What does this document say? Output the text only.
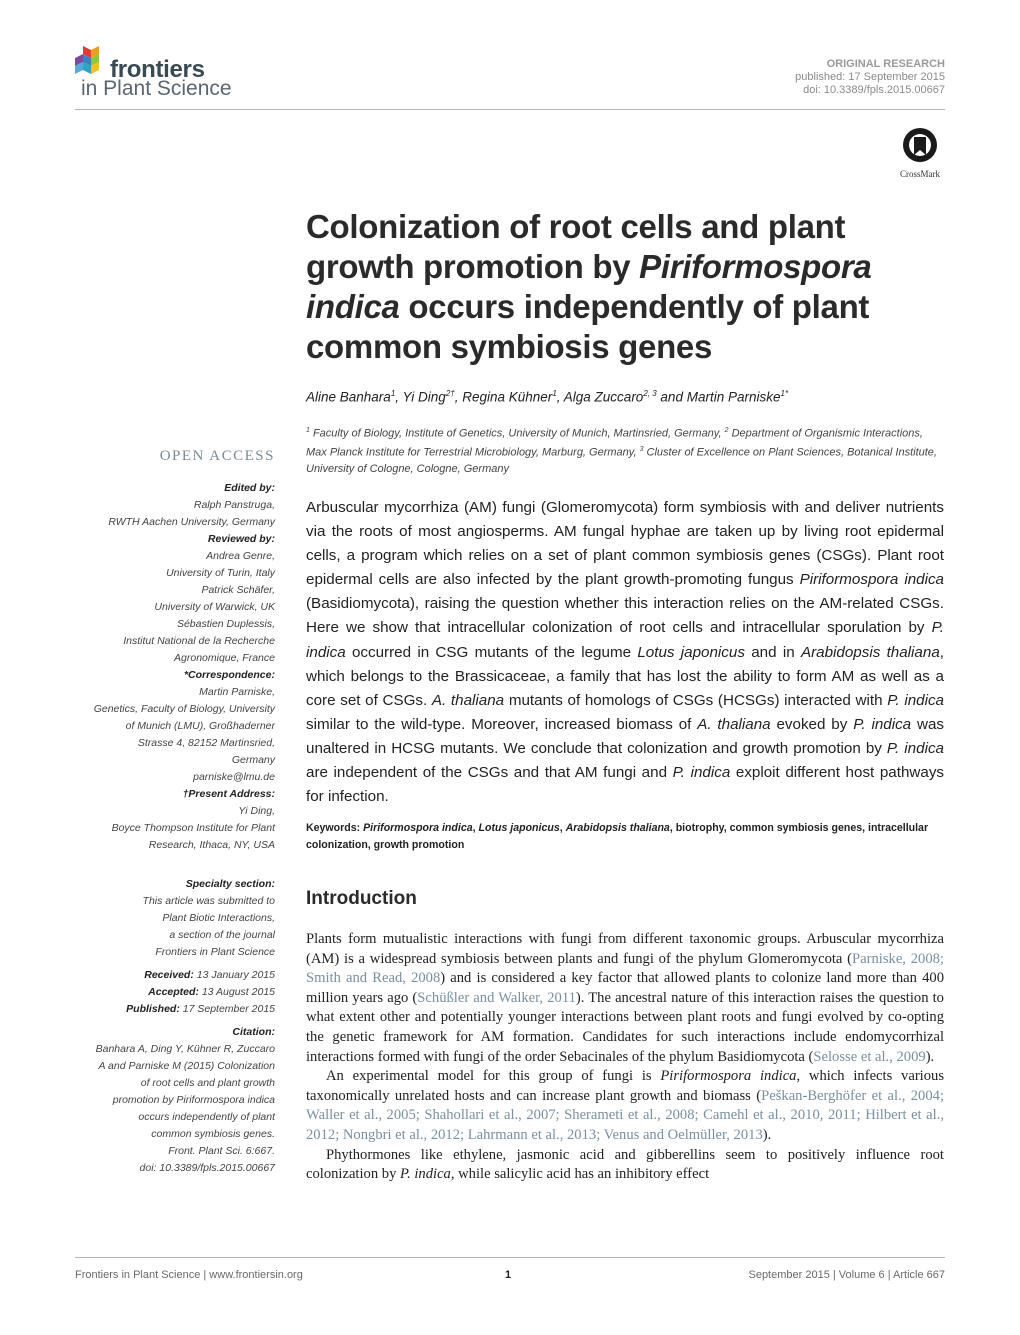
frontiers
in Plant Science
ORIGINAL RESEARCH
published: 17 September 2015
doi: 10.3389/fpls.2015.00667
CrossMark
Colonization of root cells and plant growth promotion by Piriformospora indica occurs independently of plant common symbiosis genes
Aline Banhara$^1$, Yi Ding$^{2\dagger}$, Regina Kühner$^1$, Alga Zuccaro$^{2, 3}$ and Martin Parniske$^{1*}$
$^1$ Faculty of Biology, Institute of Genetics, University of Munich, Martinsried, Germany, $^2$ Department of Organismic Interactions, Max Planck Institute for Terrestrial Microbiology, Marburg, Germany, $^3$ Cluster of Excellence on Plant Sciences, Botanical Institute, University of Cologne, Cologne, Germany
OPEN ACCESS
Edited by:
Ralph Panstruga,
RWTH Aachen University, Germany
Reviewed by:
Andrea Genre,
University of Turin, Italy
Patrick Schäfer,
University of Warwick, UK
Sébastien Duplessis,
Institut National de la Recherche
Agronomique, France
*Correspondence:
Martin Parniske,
Genetics, Faculty of Biology, University
of Munich (LMU), Großhaderner
Strasse 4, 82152 Martinsried,
Germany
parniske@lmu.de
†Present Address:
Yi Ding,
Boyce Thompson Institute for Plant
Research, Ithaca, NY, USA
Specialty section:
This article was submitted to
Plant Biotic Interactions,
a section of the journal
Frontiers in Plant Science
Received: 13 January 2015
Accepted: 13 August 2015
Published: 17 September 2015
Citation:
Banhara A, Ding Y, Kühner R, Zuccaro
A and Parniske M (2015) Colonization
of root cells and plant growth
promotion by Piriformospora indica
occurs independently of plant
common symbiosis genes.
Front. Plant Sci. 6:667.
doi: 10.3389/fpls.2015.00667
Arbuscular mycorrhiza (AM) fungi (Glomeromycota) form symbiosis with and deliver nutrients via the roots of most angiosperms. AM fungal hyphae are taken up by living root epidermal cells, a program which relies on a set of plant common symbiosis genes (CSGs). Plant root epidermal cells are also infected by the plant growth-promoting fungus Piriformospora indica (Basidiomycota), raising the question whether this interaction relies on the AM-related CSGs. Here we show that intracellular colonization of root cells and intracellular sporulation by P. indica occurred in CSG mutants of the legume Lotus japonicus and in Arabidopsis thaliana, which belongs to the Brassicaceae, a family that has lost the ability to form AM as well as a core set of CSGs. A. thaliana mutants of homologs of CSGs (HCSGs) interacted with P. indica similar to the wild-type. Moreover, increased biomass of A. thaliana evoked by P. indica was unaltered in HCSG mutants. We conclude that colonization and growth promotion by P. indica are independent of the CSGs and that AM fungi and P. indica exploit different host pathways for infection.
Keywords: Piriformospora indica, Lotus japonicus, Arabidopsis thaliana, biotrophy, common symbiosis genes, intracellular colonization, growth promotion
Introduction

Plants form mutualistic interactions with fungi from different taxonomic groups. Arbuscular mycorrhiza (AM) is a widespread symbiosis between plants and fungi of the phylum Glomeromycota (Parniske, 2008; Smith and Read, 2008) and is considered a key factor that allowed plants to colonize land more than 400 million years ago (Schüßler and Walker, 2011). The ancestral nature of this interaction raises the question to what extent other and potentially younger interactions between plant roots and fungi evolved by co-opting the genetic framework for AM formation. Candidates for such interactions include endomycorrhizal interactions formed with fungi of the order Sebacinales of the phylum Basidiomycota (Selosse et al., 2009).

An experimental model for this group of fungi is Piriformospora indica, which infects various taxonomically unrelated hosts and can increase plant growth and biomass (Peškan-Berghöfer et al., 2004; Waller et al., 2005; Shahollari et al., 2007; Sherameti et al., 2008; Camehl et al., 2010, 2011; Hilbert et al., 2012; Nongbri et al., 2012; Lahrmann et al., 2013; Venus and Oelmüller, 2013).

Phythormones like ethylene, jasmonic acid and gibberellins seem to positively influence root colonization by P. indica, while salicylic acid has an inhibitory effect

Frontiers in Plant Science | www.frontiersin.org	1	September 2015 | Volume 6 | Article 667
